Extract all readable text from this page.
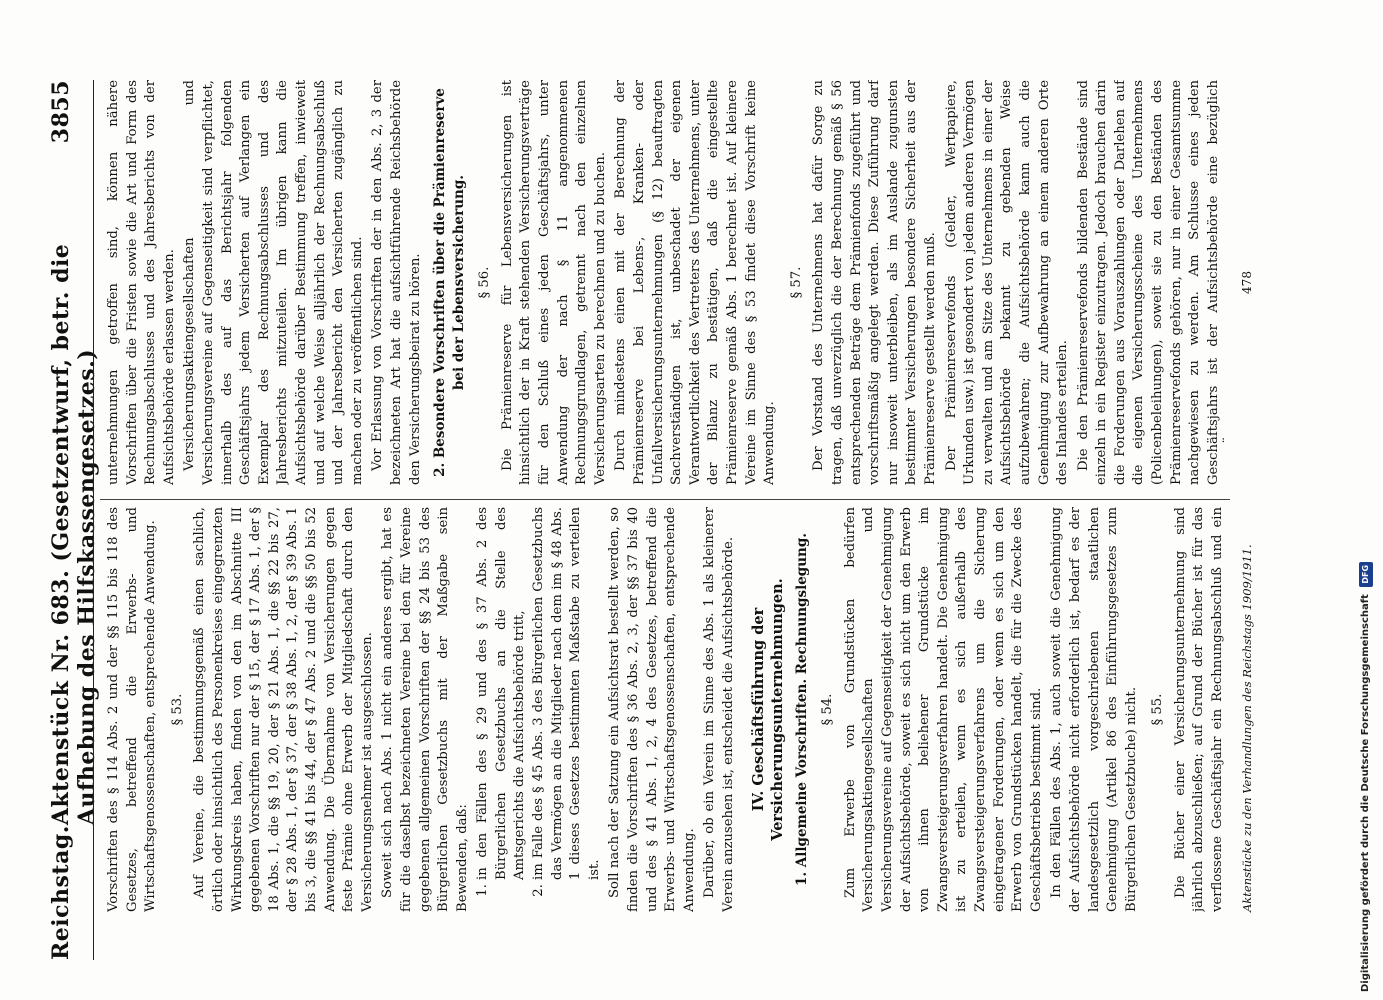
Reichstag.
Aktenstück Nr. 683. (Gesetzentwurf, betr. die Aufhebung des Hilfskassengesetzes.)
3855

Vorschriften des § 114 Abs. 2 und der §§ 115 bis 118 des Gesetzes, betreffend die Erwerbs- und Wirtschaftsgenossenschaften, entsprechende Anwendung. § 53. Auf Vereine, die bestimmungsgemäß einen sachlich, örtlich oder hinsichtlich des Personenkreises eingegrenzten Wirkungskreis haben, finden von den im Abschnitte III gegebenen Vorschriften nur der § 15, der § 17 Abs. 1, der § 18 Abs. 1, die §§ 19, 20, der § 21 Abs. 1, die §§ 22 bis 27, der § 28 Abs. 1, der § 37, der § 38 Abs. 1, 2, der § 39 Abs. 1 bis 3, die §§ 41 bis 44, der § 47 Abs. 2 und die §§ 50 bis 52 Anwendung. Die Übernahme von Versicherungen gegen feste Prämie ohne Erwerb der Mitgliedschaft durch den Versicherungsnehmer ist ausgeschlossen. Soweit sich nach Abs. 1 nicht ein anderes ergibt, hat es für die daselbst bezeichneten Vereine bei den für Vereine gegebenen allgemeinen Vorschriften der §§ 24 bis 53 des Bürgerlichen Gesetzbuchs mit der Maßgabe sein Bewenden, daß: 1. in den Fällen des § 29 und des § 37 Abs. 2 des Bürgerlichen Gesetzbuchs an die Stelle des Amtsgerichts die Aufsichtsbehörde tritt, 2. im Falle des § 45 Abs. 3 des Bürgerlichen Gesetzbuchs das Vermögen an die Mitglieder nach dem im § 48 Abs. 1 dieses Gesetzes bestimmten Maßstabe zu verteilen ist. Soll nach der Satzung ein Aufsichtsrat bestellt werden, so finden die Vorschriften des § 36 Abs. 2, 3, der §§ 37 bis 40 und des § 41 Abs. 1, 2, 4 des Gesetzes, betreffend die Erwerbs- und Wirtschaftsgenossenschaften, entsprechende Anwendung. Darüber, ob ein Verein im Sinne des Abs. 1 als kleinerer Verein anzusehen ist, entscheidet die Aufsichtsbehörde. IV. Geschäftsführung der Versicherungsunternehmungen. 1. Allgemeine Vorschriften. Rechnungslegung. § 54. Zum Erwerbe von Grundstücken bedürfen Versicherungsaktiengesellschaften und Versicherungsvereine auf Gegenseitigkeit der Genehmigung der Aufsichtsbehörde, soweit es sich nicht um den Erwerb von ihnen beliehener Grundstücke im Zwangsversteigerungsverfahren handelt. Die Genehmigung ist zu erteilen, wenn es sich außerhalb des Zwangsversteigerungsverfahrens um die Sicherung eingetragener Forderungen, oder wenn es sich um den Erwerb von Grundstücken handelt, die für die Zwecke des Geschäftsbetriebs bestimmt sind. In den Fällen des Abs. 1, auch soweit die Genehmigung der Aufsichtsbehörde nicht erforderlich ist, bedarf es der landesgesetzlich vorgeschriebenen staatlichen Genehmigung (Artikel 86 des Einführungsgesetzes zum Bürgerlichen Gesetzbuche) nicht. § 55.

Die Bücher einer Versicherungsunternehmung sind jährlich abzuschließen; auf Grund der Bücher ist für das verflossene Geschäftsjahr ein Rechnungsabschluß und ein

unternehmungen getroffen sind, können nähere Vorschriften über die Fristen sowie die Art und Form des Rechnungsabschlusses und des Jahresberichts von der Aufsichtsbehörde erlassen werden. Versicherungsaktiengesellschaften und Versicherungsvereine auf Gegenseitigkeit sind verpflichtet, innerhalb des auf das Berichtsjahr folgenden Geschäftsjahrs jedem Versicherten auf Verlangen ein Exemplar des Rechnungsabschlusses und des Jahresberichts mitzuteilen. Im übrigen kann die Aufsichtsbehörde darüber Bestimmung treffen, inwieweit und auf welche Weise alljährlich der Rechnungsabschluß und der Jahresbericht den Versicherten zugänglich zu machen oder zu veröffentlichen sind. Vor Erlassung von Vorschriften der in den Abs. 2, 3 der bezeichneten Art hat die aufsichtführende Reichsbehörde den Versicherungsbeirat zu hören. 2. Besondere Vorschriften über die Prämienreserve bei der Lebensversicherung. § 56. Die Prämienreserve für Lebensversicherungen ist hinsichtlich der in Kraft stehenden Versicherungsverträge für den Schluß eines jeden Geschäftsjahrs, unter Anwendung der nach § 11 angenommenen Rechnungsgrundlagen, getrennt nach den einzelnen Versicherungsarten zu berechnen und zu buchen. Durch mindestens einen mit der Berechnung der Prämienreserve bei Lebens-, Kranken- oder Unfallversicherungsunternehmungen (§ 12) beauftragten Sachverständigen ist, unbeschadet der eigenen Verantwortlichkeit des Vertreters des Unternehmens, unter der Bilanz zu bestätigen, daß die eingestellte Prämienreserve gemäß Abs. 1 berechnet ist. Auf kleinere Vereine im Sinne des § 53 findet diese Vorschrift keine Anwendung.

§ 57. Der Vorstand des Unternehmens hat dafür Sorge zu tragen, daß unverzüglich die der Berechnung gemäß § 56 entsprechenden Beträge dem Prämienfonds zugeführt und vorschriftsmäßig angelegt werden. Diese Zuführung darf nur insoweit unterbleiben, als im Auslande zugunsten bestimmter Versicherungen besondere Sicherheit aus der Prämienreserve gestellt werden muß. Der Prämienreservefonds (Gelder, Wertpapiere, Urkunden usw.) ist gesondert von jedem anderen Vermögen zu verwalten und am Sitze des Unternehmens in einer der Aufsichtsbehörde bekannt zu gebenden Weise aufzubewahren; die Aufsichtsbehörde kann auch die Genehmigung zur Aufbewahrung an einem anderen Orte des Inlandes erteilen. Die den Prämienreservefonds bildenden Bestände sind einzeln in ein Register einzutragen. Jedoch brauchen darin die Forderungen aus Vorauszahlungen oder Darlehen auf die eigenen Versicherungsscheine des Unternehmens (Policenbeleihungen), soweit sie zu den Beständen des Prämienreservefonds gehören, nur in einer Gesamtsumme nachgewiesen zu werden. Am Schlusse eines jeden Geschäftsjahrs ist der Aufsichtsbehörde eine bezüglich

Aktenstücke zu den Verhandlungen des Reichstags 1909/1911.
478
Digitalisierung gefördert durch die Deutsche Forschungsgemeinschaft DFG
